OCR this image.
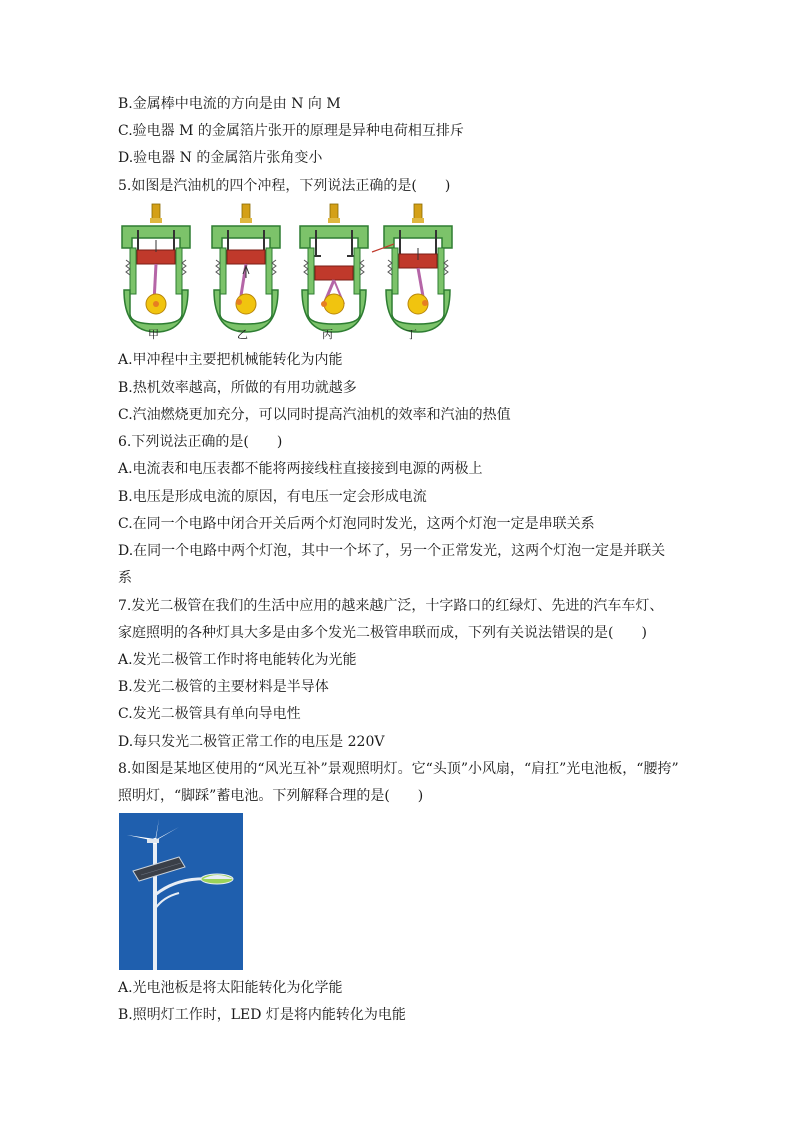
B.金属棒中电流的方向是由 N 向 M
C.验电器 M 的金属箔片张开的原理是异种电荷相互排斥
D.验电器 N 的金属箔片张角变小
5.如图是汽油机的四个冲程，下列说法正确的是(　　)
甲	乙	丙	丁
A.甲冲程中主要把机械能转化为内能
B.热机效率越高，所做的有用功就越多
C.汽油燃烧更加充分，可以同时提高汽油机的效率和汽油的热值
6.下列说法正确的是(　　)
A.电流表和电压表都不能将两接线柱直接接到电源的两极上
B.电压是形成电流的原因，有电压一定会形成电流
C.在同一个电路中闭合开关后两个灯泡同时发光，这两个灯泡一定是串联关系
D.在同一个电路中两个灯泡，其中一个坏了，另一个正常发光，这两个灯泡一定是并联关
系
7.发光二极管在我们的生活中应用的越来越广泛，十字路口的红绿灯、先进的汽车车灯、
家庭照明的各种灯具大多是由多个发光二极管串联而成，下列有关说法错误的是(　　)
A.发光二极管工作时将电能转化为光能
B.发光二极管的主要材料是半导体
C.发光二极管具有单向导电性
D.每只发光二极管正常工作的电压是 220V
8.如图是某地区使用的“风光互补”景观照明灯。它“头顶”小风扇，“肩扛”光电池板，“腰挎”
照明灯，“脚踩”蓄电池。下列解释合理的是(　　)
A.光电池板是将太阳能转化为化学能
B.照明灯工作时，LED 灯是将内能转化为电能
